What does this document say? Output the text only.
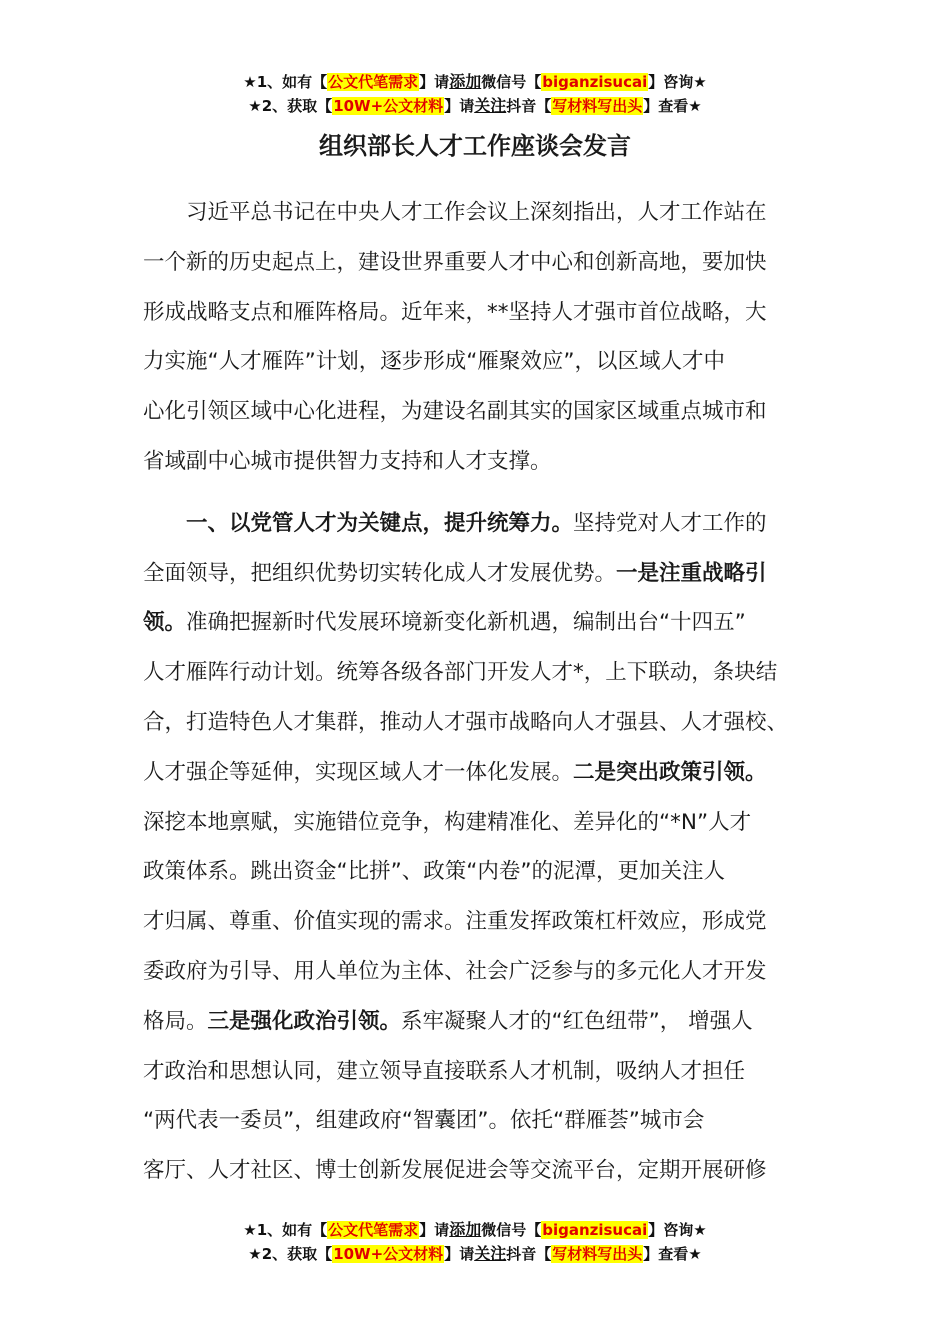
★1、如有【公文代笔需求】请添加微信号【biganzisucai】咨询★
★2、获取【10W+公文材料】请关注抖音【写材料写出头】查看★
组织部长人才工作座谈会发言
习近平总书记在中央人才工作会议上深刻指出，人才工作站在
一个新的历史起点上，建设世界重要人才中心和创新高地，要加快
形成战略支点和雁阵格局。近年来，**坚持人才强市首位战略，大
力实施“人才雁阵”计划，逐步形成“雁聚效应”，以区域人才中
心化引领区域中心化进程，为建设名副其实的国家区域重点城市和
省域副中心城市提供智力支持和人才支撑。
一、以党管人才为关键点，提升统筹力。坚持党对人才工作的
全面领导，把组织优势切实转化成人才发展优势。一是注重战略引
领。准确把握新时代发展环境新变化新机遇，编制出台“十四五”
人才雁阵行动计划。统筹各级各部门开发人才*，上下联动，条块结
合，打造特色人才集群，推动人才强市战略向人才强县、人才强校、
人才强企等延伸，实现区域人才一体化发展。二是突出政策引领。
深挖本地禀赋，实施错位竞争，构建精准化、差异化的“*N”人才
政策体系。跳出资金“比拼”、政策“内卷”的泥潭，更加关注人
才归属、尊重、价值实现的需求。注重发挥政策杠杆效应，形成党
委政府为引导、用人单位为主体、社会广泛参与的多元化人才开发
格局。三是强化政治引领。系牢凝聚人才的“红色纽带”， 增强人
才政治和思想认同，建立领导直接联系人才机制，吸纳人才担任
“两代表一委员”，组建政府“智囊团”。依托“群雁荟”城市会
客厅、人才社区、博士创新发展促进会等交流平台，定期开展研修
★1、如有【公文代笔需求】请添加微信号【biganzisucai】咨询★
★2、获取【10W+公文材料】请关注抖音【写材料写出头】查看★
